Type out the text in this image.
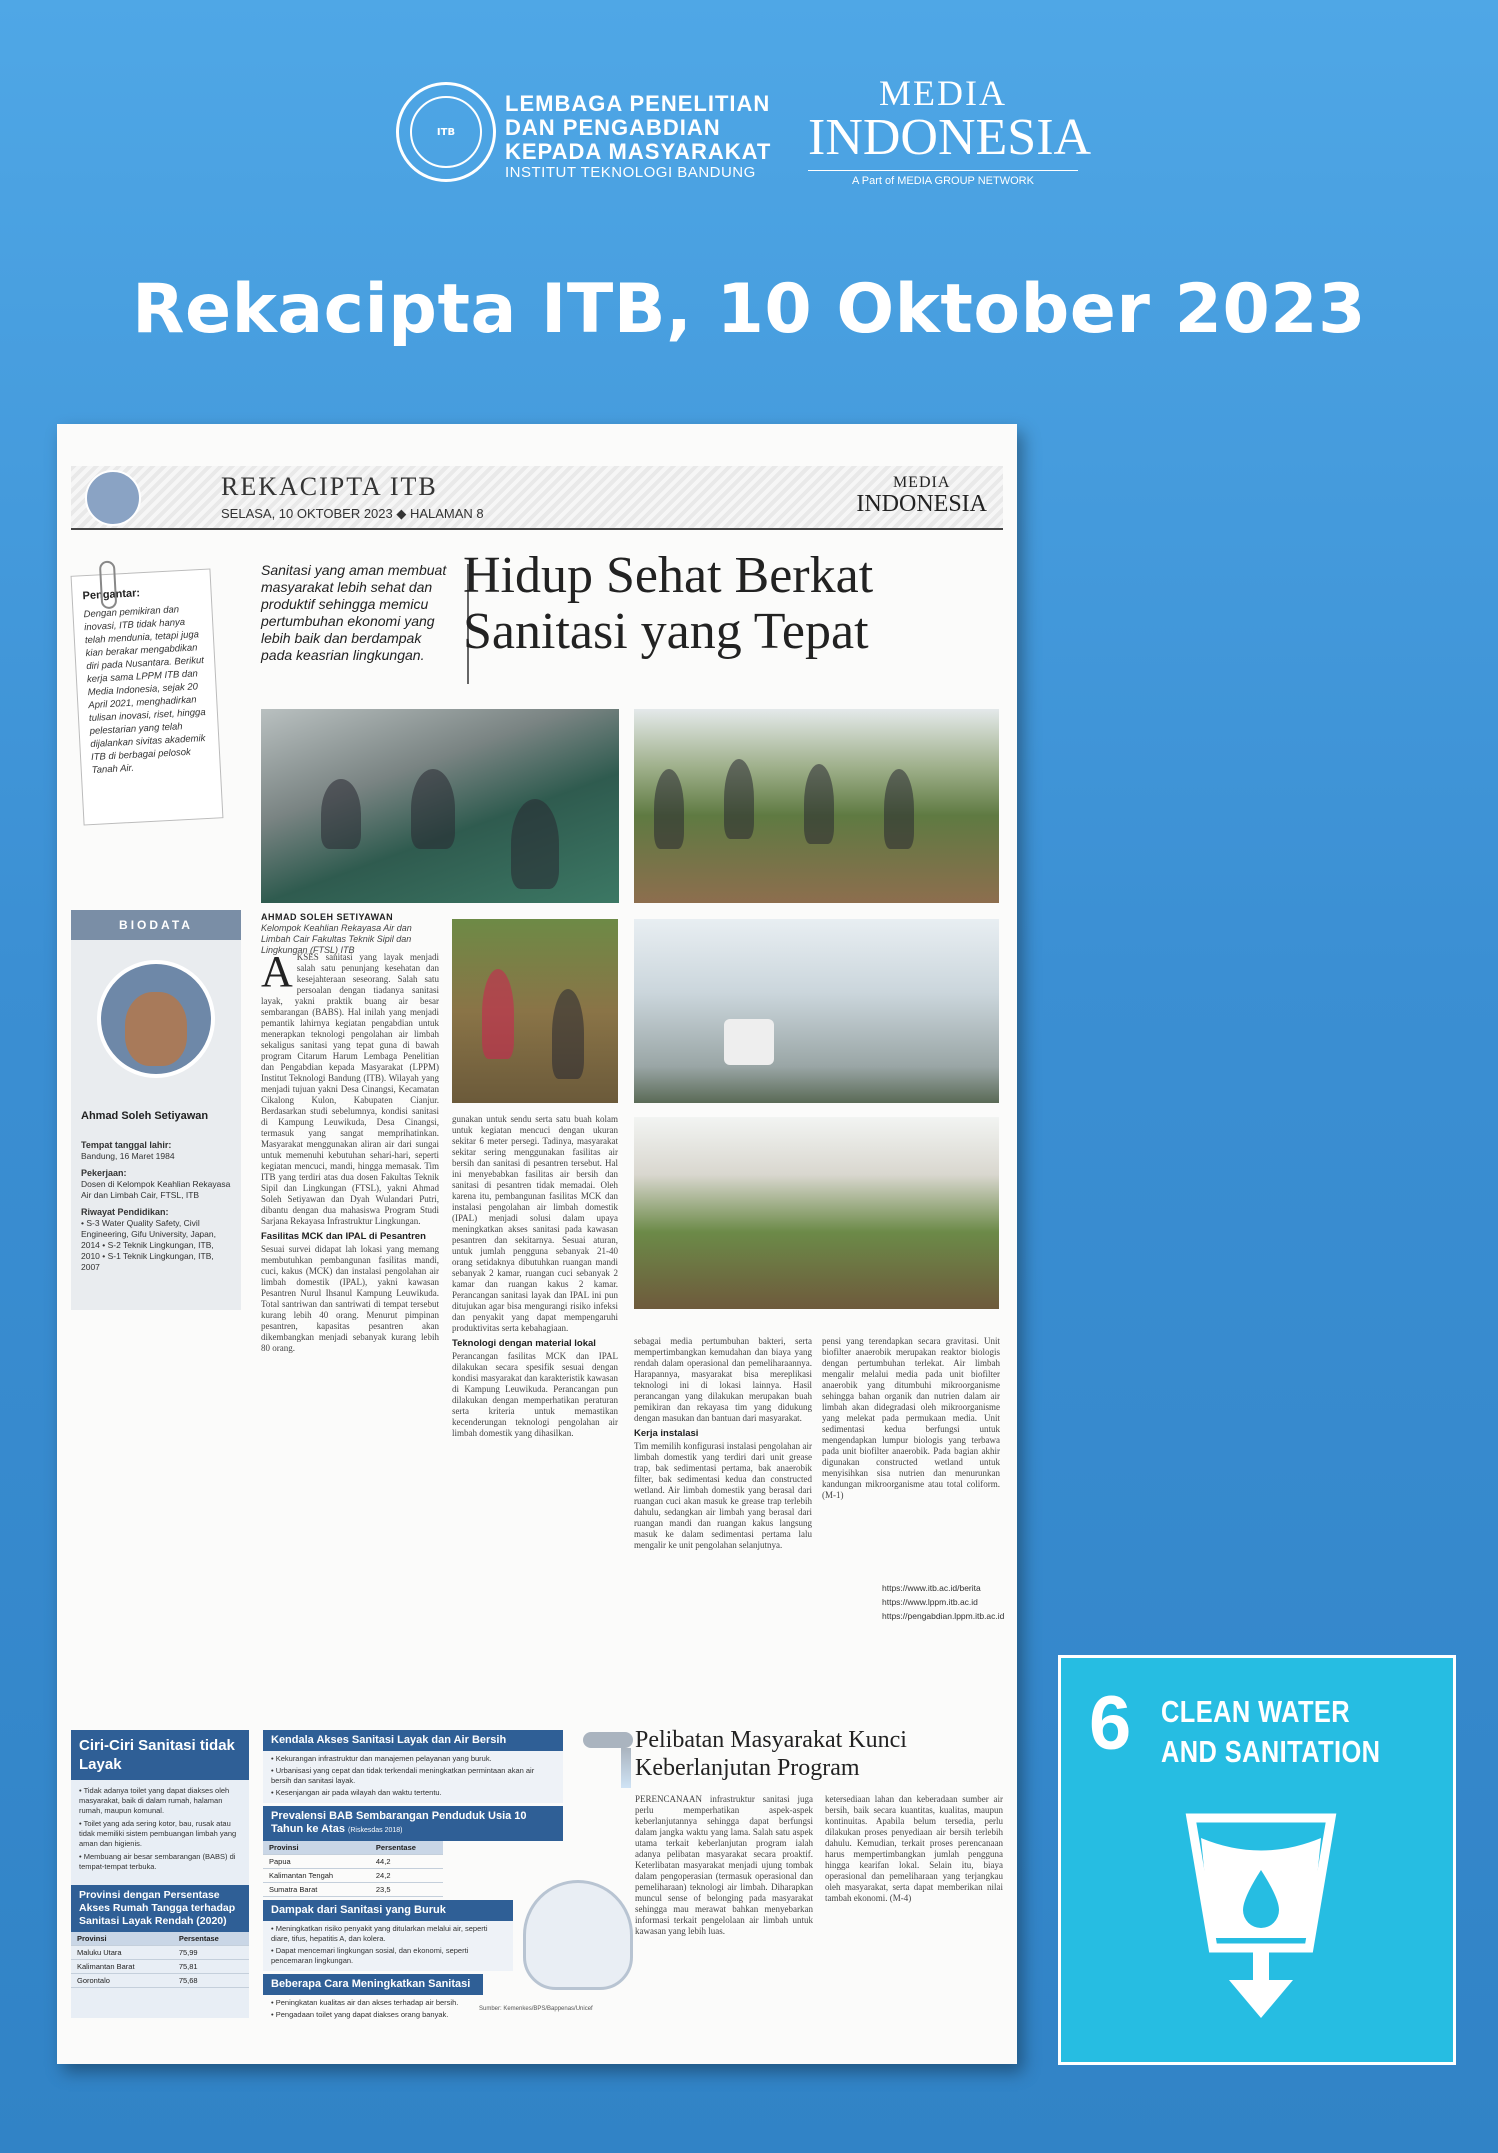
ITB
LEMBAGA PENELITIAN
DAN PENGABDIAN
KEPADA MASYARAKAT
INSTITUT TEKNOLOGI BANDUNG
MEDIA
INDONESIA
A Part of MEDIA GROUP NETWORK
Rekacipta ITB, 10 Oktober 2023
REKACIPTA ITB
SELASA, 10 OKTOBER 2023 ◆ HALAMAN 8
MEDIA
INDONESIA
Pengantar:
Dengan pemikiran dan inovasi, ITB tidak hanya telah mendunia, tetapi juga kian berakar mengabdikan diri pada Nusantara. Berikut kerja sama LPPM ITB dan Media Indonesia, sejak 20 April 2021, menghadirkan tulisan inovasi, riset, hingga pelestarian yang telah dijalankan sivitas akademik ITB di berbagai pelosok Tanah Air.
Sanitasi yang aman membuat masyarakat lebih sehat dan produktif sehingga memicu pertumbuhan ekonomi yang lebih baik dan berdampak pada keasrian lingkungan.
Hidup Sehat Berkat Sanitasi yang Tepat
BIODATA
Ahmad Soleh Setiyawan
Tempat tanggal lahir:
Bandung, 16 Maret 1984
Pekerjaan:
Dosen di Kelompok Keahlian Rekayasa Air dan Limbah Cair, FTSL, ITB
Riwayat Pendidikan:
• S-3 Water Quality Safety, Civil Engineering, Gifu University, Japan, 2014 • S-2 Teknik Lingkungan, ITB, 2010 • S-1 Teknik Lingkungan, ITB, 2007
AHMAD SOLEH SETIYAWAN
Kelompok Keahlian Rekayasa Air dan Limbah Cair Fakultas Teknik Sipil dan Lingkungan (FTSL) ITB
A KSES sanitasi yang layak menjadi salah satu penunjang kesehatan dan kesejahteraan seseorang. Salah satu persoalan dengan tiadanya sanitasi layak, yakni praktik buang air besar sembarangan (BABS). Hal inilah yang menjadi pemantik lahirnya kegiatan pengabdian untuk menerapkan teknologi pengolahan air limbah sekaligus sanitasi yang tepat guna di bawah program Citarum Harum Lembaga Penelitian dan Pengabdian kepada Masyarakat (LPPM) Institut Teknologi Bandung (ITB). Wilayah yang menjadi tujuan yakni Desa Cinangsi, Kecamatan Cikalong Kulon, Kabupaten Cianjur. Berdasarkan studi sebelumnya, kondisi sanitasi di Kampung Leuwikuda, Desa Cinangsi, termasuk yang sangat memprihatinkan. Masyarakat menggunakan aliran air dari sungai untuk memenuhi kebutuhan sehari-hari, seperti kegiatan mencuci, mandi, hingga memasak. Tim ITB yang terdiri atas dua dosen Fakultas Teknik Sipil dan Lingkungan (FTSL), yakni Ahmad Soleh Setiyawan dan Dyah Wulandari Putri, dibantu dengan dua mahasiswa Program Studi Sarjana Rekayasa Infrastruktur Lingkungan.
Fasilitas MCK dan IPAL di Pesantren
Sesuai survei didapat lah lokasi yang memang membutuhkan pembangunan fasilitas mandi, cuci, kakus (MCK) dan instalasi pengolahan air limbah domestik (IPAL), yakni kawasan Pesantren Nurul Ihsanul Kampung Leuwikuda. Total santriwan dan santriwati di tempat tersebut kurang lebih 40 orang. Menurut pimpinan pesantren, kapasitas pesantren akan dikembangkan menjadi sebanyak kurang lebih 80 orang.
gunakan untuk sendu serta satu buah kolam untuk kegiatan mencuci dengan ukuran sekitar 6 meter persegi. Tadinya, masyarakat sekitar sering menggunakan fasilitas air bersih dan sanitasi di pesantren tersebut. Hal ini menyebabkan fasilitas air bersih dan sanitasi di pesantren tidak memadai. Oleh karena itu, pembangunan fasilitas MCK dan instalasi pengolahan air limbah domestik (IPAL) menjadi solusi dalam upaya meningkatkan akses sanitasi pada kawasan pesantren dan sekitarnya. Sesuai aturan, untuk jumlah pengguna sebanyak 21-40 orang setidaknya dibutuhkan ruangan mandi sebanyak 2 kamar, ruangan cuci sebanyak 2 kamar dan ruangan kakus 2 kamar. Perancangan sanitasi layak dan IPAL ini pun ditujukan agar bisa mengurangi risiko infeksi dan penyakit yang dapat mempengaruhi produktivitas serta kebahagiaan.
Teknologi dengan material lokal
Perancangan fasilitas MCK dan IPAL dilakukan secara spesifik sesuai dengan kondisi masyarakat dan karakteristik kawasan di Kampung Leuwikuda. Perancangan pun dilakukan dengan memperhatikan peraturan serta kriteria untuk memastikan kecenderungan teknologi pengolahan air limbah domestik yang dihasilkan.
sebagai media pertumbuhan bakteri, serta mempertimbangkan kemudahan dan biaya yang rendah dalam operasional dan pemeliharaannya. Harapannya, masyarakat bisa mereplikasi teknologi ini di lokasi lainnya. Hasil perancangan yang dilakukan merupakan buah pemikiran dan rekayasa tim yang didukung dengan masukan dan bantuan dari masyarakat.
Kerja instalasi
Tim memilih konfigurasi instalasi pengolahan air limbah domestik yang terdiri dari unit grease trap, bak sedimentasi pertama, bak anaerobik filter, bak sedimentasi kedua dan constructed wetland. Air limbah domestik yang berasal dari ruangan cuci akan masuk ke grease trap terlebih dahulu, sedangkan air limbah yang berasal dari ruangan mandi dan ruangan kakus langsung masuk ke dalam sedimentasi pertama lalu mengalir ke unit pengolahan selanjutnya.
pensi yang terendapkan secara gravitasi. Unit biofilter anaerobik merupakan reaktor biologis dengan pertumbuhan terlekat. Air limbah mengalir melalui media pada unit biofilter anaerobik yang ditumbuhi mikroorganisme sehingga bahan organik dan nutrien dalam air limbah akan didegradasi oleh mikroorganisme yang melekat pada permukaan media. Unit sedimentasi kedua berfungsi untuk mengendapkan lumpur biologis yang terbawa pada unit biofilter anaerobik. Pada bagian akhir digunakan constructed wetland untuk menyisihkan sisa nutrien dan menurunkan kandungan mikroorganisme atau total coliform. (M-1)
https://www.itb.ac.id/berita
https://www.lppm.itb.ac.id
https://pengabdian.lppm.itb.ac.id
Ciri-Ciri Sanitasi tidak Layak
• Tidak adanya toilet yang dapat diakses oleh masyarakat, baik di dalam rumah, halaman rumah, maupun komunal.
• Toilet yang ada sering kotor, bau, rusak atau tidak memiliki sistem pembuangan limbah yang aman dan higienis.
• Membuang air besar sembarangan (BABS) di tempat-tempat terbuka.
Provinsi dengan Persentase Akses Rumah Tangga terhadap Sanitasi Layak Rendah (2020)
Provinsi	Persentase
Maluku Utara	75,99
Kalimantan Barat	75,81
Gorontalo	75,68
Kendala Akses Sanitasi Layak dan Air Bersih
• Kekurangan infrastruktur dan manajemen pelayanan yang buruk.
• Urbanisasi yang cepat dan tidak terkendali meningkatkan permintaan akan air bersih dan sanitasi layak.
• Kesenjangan air pada wilayah dan waktu tertentu.
Prevalensi BAB Sembarangan Penduduk Usia 10 Tahun ke Atas (Riskesdas 2018)
Provinsi	Persentase
Papua	44,2
Kalimantan Tengah	24,2
Sumatra Barat	23,5
Dampak dari Sanitasi yang Buruk
• Meningkatkan risiko penyakit yang ditularkan melalui air, seperti diare, tifus, hepatitis A, dan kolera.
• Dapat mencemari lingkungan sosial, dan ekonomi, seperti pencemaran lingkungan.
Beberapa Cara Meningkatkan Sanitasi
• Peningkatan kualitas air dan akses terhadap air bersih.
• Pengadaan toilet yang dapat diakses orang banyak.
Sumber: Kemenkes/BPS/Bappenas/Unicef
Pelibatan Masyarakat Kunci Keberlanjutan Program
PERENCANAAN infrastruktur sanitasi juga perlu memperhatikan aspek-aspek keberlanjutannya sehingga dapat berfungsi dalam jangka waktu yang lama. Salah satu aspek utama terkait keberlanjutan program ialah adanya pelibatan masyarakat secara proaktif. Keterlibatan masyarakat menjadi ujung tombak dalam pengoperasian (termasuk operasional dan pemeliharaan) teknologi air limbah. Diharapkan muncul sense of belonging pada masyarakat sehingga mau merawat bahkan menyebarkan informasi terkait pengelolaan air limbah untuk kawasan yang lebih luas.
ketersediaan lahan dan keberadaan sumber air bersih, baik secara kuantitas, kualitas, maupun kontinuitas. Apabila belum tersedia, perlu dilakukan proses penyediaan air bersih terlebih dahulu. Kemudian, terkait proses perencanaan harus mempertimbangkan jumlah pengguna hingga kearifan lokal. Selain itu, biaya operasional dan pemeliharaan yang terjangkau oleh masyarakat, serta dapat memberikan nilai tambah ekonomi. (M-4)
6 CLEAN WATER
AND SANITATION
